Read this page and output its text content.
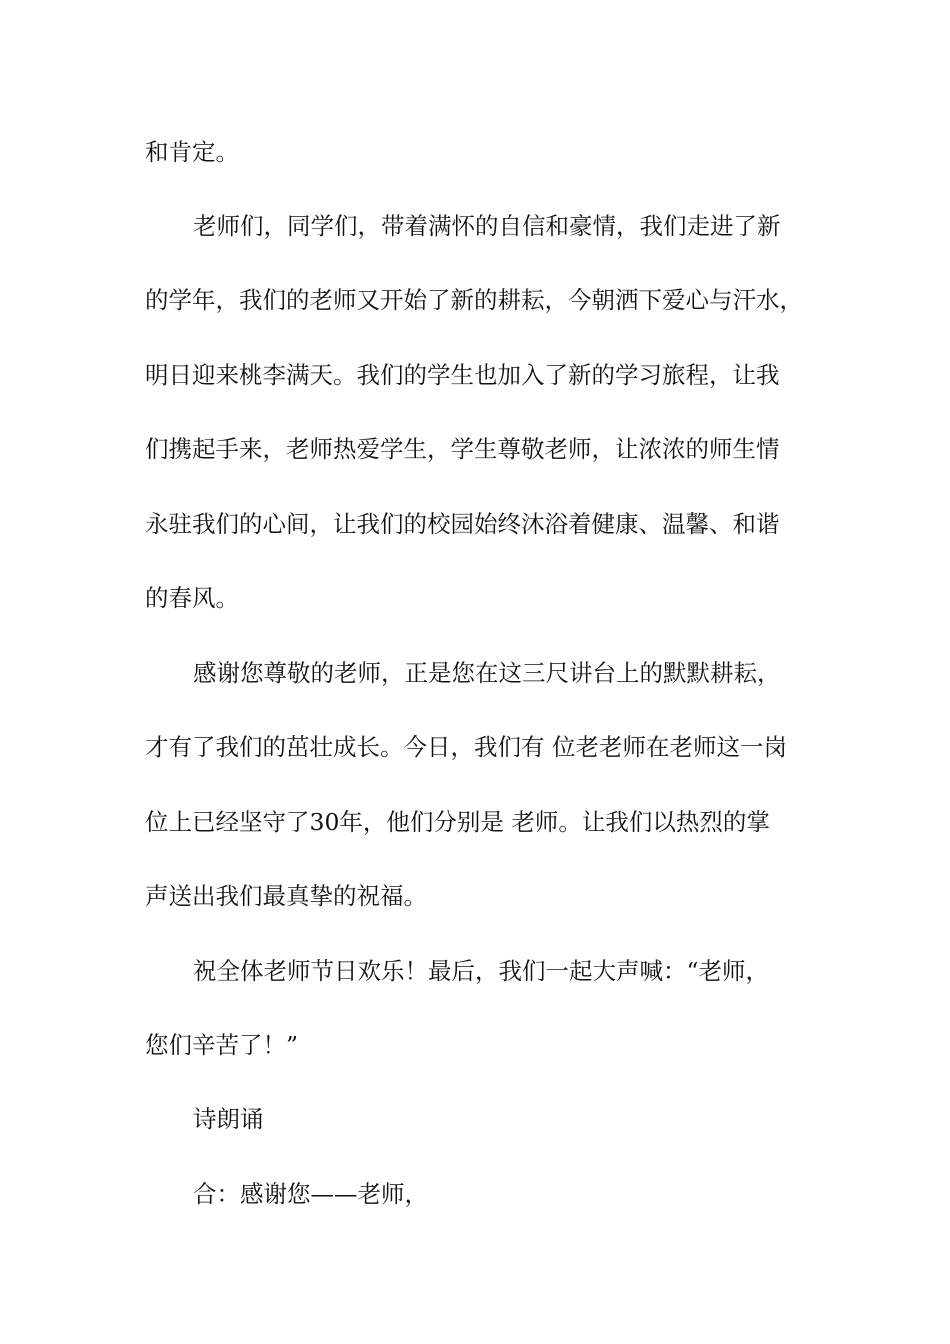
和肯定。
老师们，同学们，带着满怀的自信和豪情，我们走进了新
的学年，我们的老师又开始了新的耕耘，今朝洒下爱心与汗水，
明日迎来桃李满天。我们的学生也加入了新的学习旅程，让我
们携起手来，老师热爱学生，学生尊敬老师，让浓浓的师生情
永驻我们的心间，让我们的校园始终沐浴着健康、温馨、和谐
的春风。
感谢您尊敬的老师，正是您在这三尺讲台上的默默耕耘，
才有了我们的茁壮成长。今日，我们有 位老老师在老师这一岗
位上已经坚守了30年，他们分别是 老师。让我们以热烈的掌
声送出我们最真挚的祝福。
祝全体老师节日欢乐！最后，我们一起大声喊：“老师，
您们辛苦了！”
诗朗诵
合：感谢您——老师，
